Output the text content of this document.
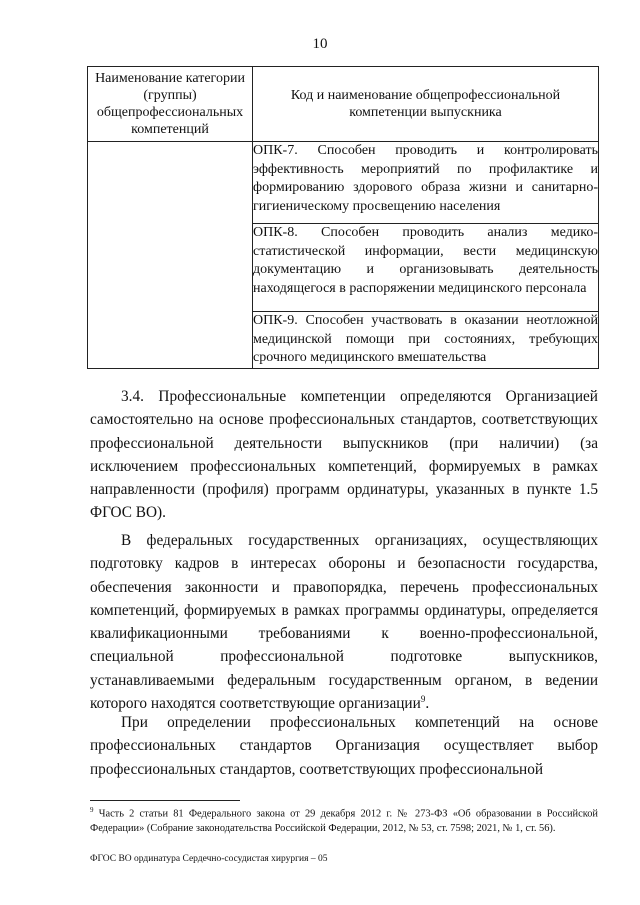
10
Наименование категории (группы) общепрофессиональных компетенций	Код и наименование общепрофессиональной компетенции выпускника
	ОПК-7. Способен проводить и контролировать эффективность мероприятий по профилактике и формированию здорового образа жизни и санитарно-гигиеническому просвещению населения
	ОПК-8. Способен проводить анализ медико-статистической информации, вести медицинскую документацию и организовывать деятельность находящегося в распоряжении медицинского персонала
	ОПК-9. Способен участвовать в оказании неотложной медицинской помощи при состояниях, требующих срочного медицинского вмешательства

3.4. Профессиональные компетенции определяются Организацией самостоятельно на основе профессиональных стандартов, соответствующих профессиональной деятельности выпускников (при наличии) (за исключением профессиональных компетенций, формируемых в рамках направленности (профиля) программ ординатуры, указанных в пункте 1.5 ФГОС ВО).

В федеральных государственных организациях, осуществляющих подготовку кадров в интересах обороны и безопасности государства, обеспечения законности и правопорядка, перечень профессиональных компетенций, формируемых в рамках программы ординатуры, определяется квалификационными требованиями к военно-профессиональной, специальной профессиональной подготовке выпускников, устанавливаемыми федеральным государственным органом, в ведении которого находятся соответствующие организации$^9$.

При определении профессиональных компетенций на основе профессиональных стандартов Организация осуществляет выбор профессиональных стандартов, соответствующих профессиональной

$^9$ Часть 2 статьи 81 Федерального закона от 29 декабря 2012 г. № 273-ФЗ «Об образовании в Российской Федерации» (Собрание законодательства Российской Федерации, 2012, № 53, ст. 7598; 2021, № 1, ст. 56).
ФГОС ВО ординатура Сердечно-сосудистая хирургия – 05
